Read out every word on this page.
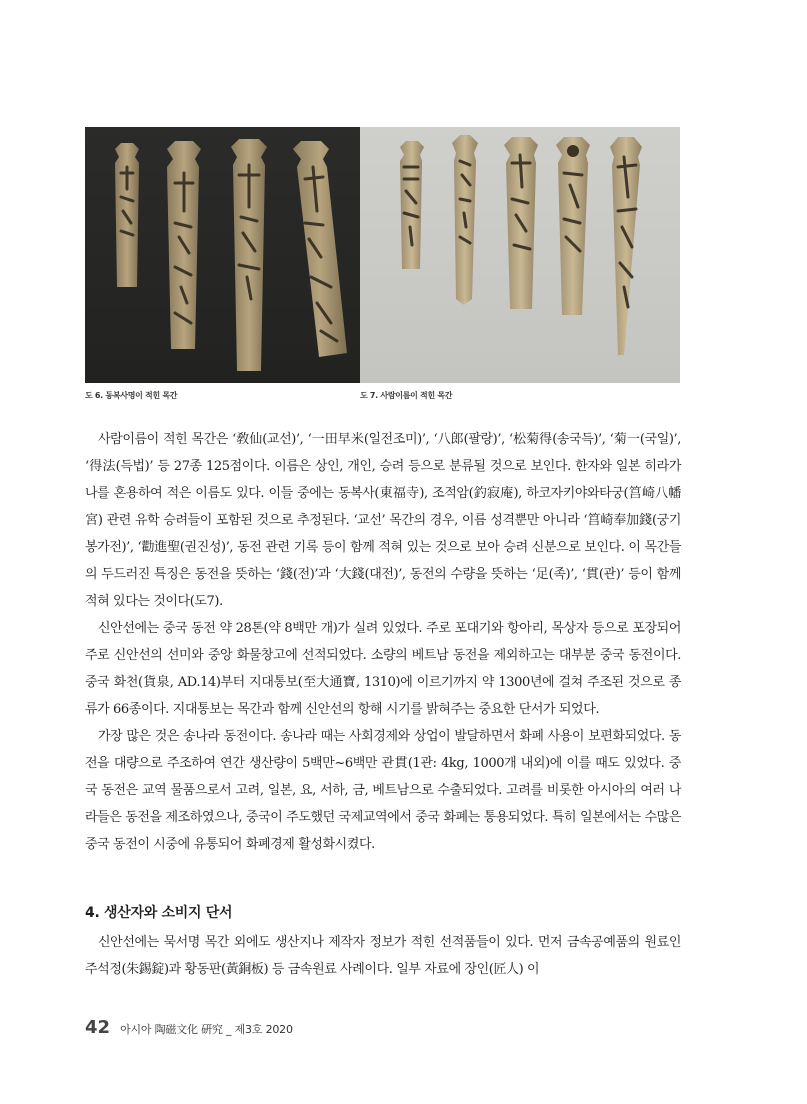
도 6. 동복사명이 적힌 목간	도 7. 사람이름이 적힌 목간

사람이름이 적힌 목간은 ‘敎仙(교선)’, ‘一田早米(일전조미)’, ‘八郎(팔랑)’, ‘松菊得(송국득)’, ‘菊一(국일)’, ‘得法(득법)’ 등 27종 125점이다. 이름은 상인, 개인, 승려 등으로 분류될 것으로 보인다. 한자와 일본 히라가나를 혼용하여 적은 이름도 있다. 이들 중에는 동복사(東福寺), 조적암(釣寂庵), 하코자키야와타궁(筥崎八幡宮) 관련 유학 승려들이 포함된 것으로 추정된다. ‘교선’ 목간의 경우, 이름 성격뿐만 아니라 ‘筥崎奉加錢(궁기봉가전)’, ‘勸進聖(권진성)’, 동전 관련 기록 등이 함께 적혀 있는 것으로 보아 승려 신분으로 보인다. 이 목간들의 두드러진 특징은 동전을 뜻하는 ‘錢(전)’과 ‘大錢(대전)’, 동전의 수량을 뜻하는 ‘足(족)’, ‘貫(관)’ 등이 함께 적혀 있다는 것이다(도7).

신안선에는 중국 동전 약 28톤(약 8백만 개)가 실려 있었다. 주로 포대기와 항아리, 목상자 등으로 포장되어 주로 신안선의 선미와 중앙 화물창고에 선적되었다. 소량의 베트남 동전을 제외하고는 대부분 중국 동전이다. 중국 화천(貨泉, AD.14)부터 지대통보(至大通寶, 1310)에 이르기까지 약 1300년에 걸쳐 주조된 것으로 종류가 66종이다. 지대통보는 목간과 함께 신안선의 항해 시기를 밝혀주는 중요한 단서가 되었다.

가장 많은 것은 송나라 동전이다. 송나라 때는 사회경제와 상업이 발달하면서 화폐 사용이 보편화되었다. 동전을 대량으로 주조하여 연간 생산량이 5백만~6백만 관貫(1관: 4kg, 1000개 내외)에 이를 때도 있었다. 중국 동전은 교역 물품으로서 고려, 일본, 요, 서하, 금, 베트남으로 수출되었다. 고려를 비롯한 아시아의 여러 나라들은 동전을 제조하였으나, 중국이 주도했던 국제교역에서 중국 화폐는 통용되었다. 특히 일본에서는 수많은 중국 동전이 시중에 유통되어 화폐경제 활성화시켰다.

4. 생산자와 소비지 단서

신안선에는 묵서명 목간 외에도 생산지나 제작자 정보가 적힌 선적품들이 있다. 먼저 금속공예품의 원료인 주석정(朱錫錠)과 황동판(黃銅板) 등 금속원료 사례이다. 일부 자료에 장인(匠人) 이

42 아시아 陶磁文化 硏究 _ 제3호 2020
